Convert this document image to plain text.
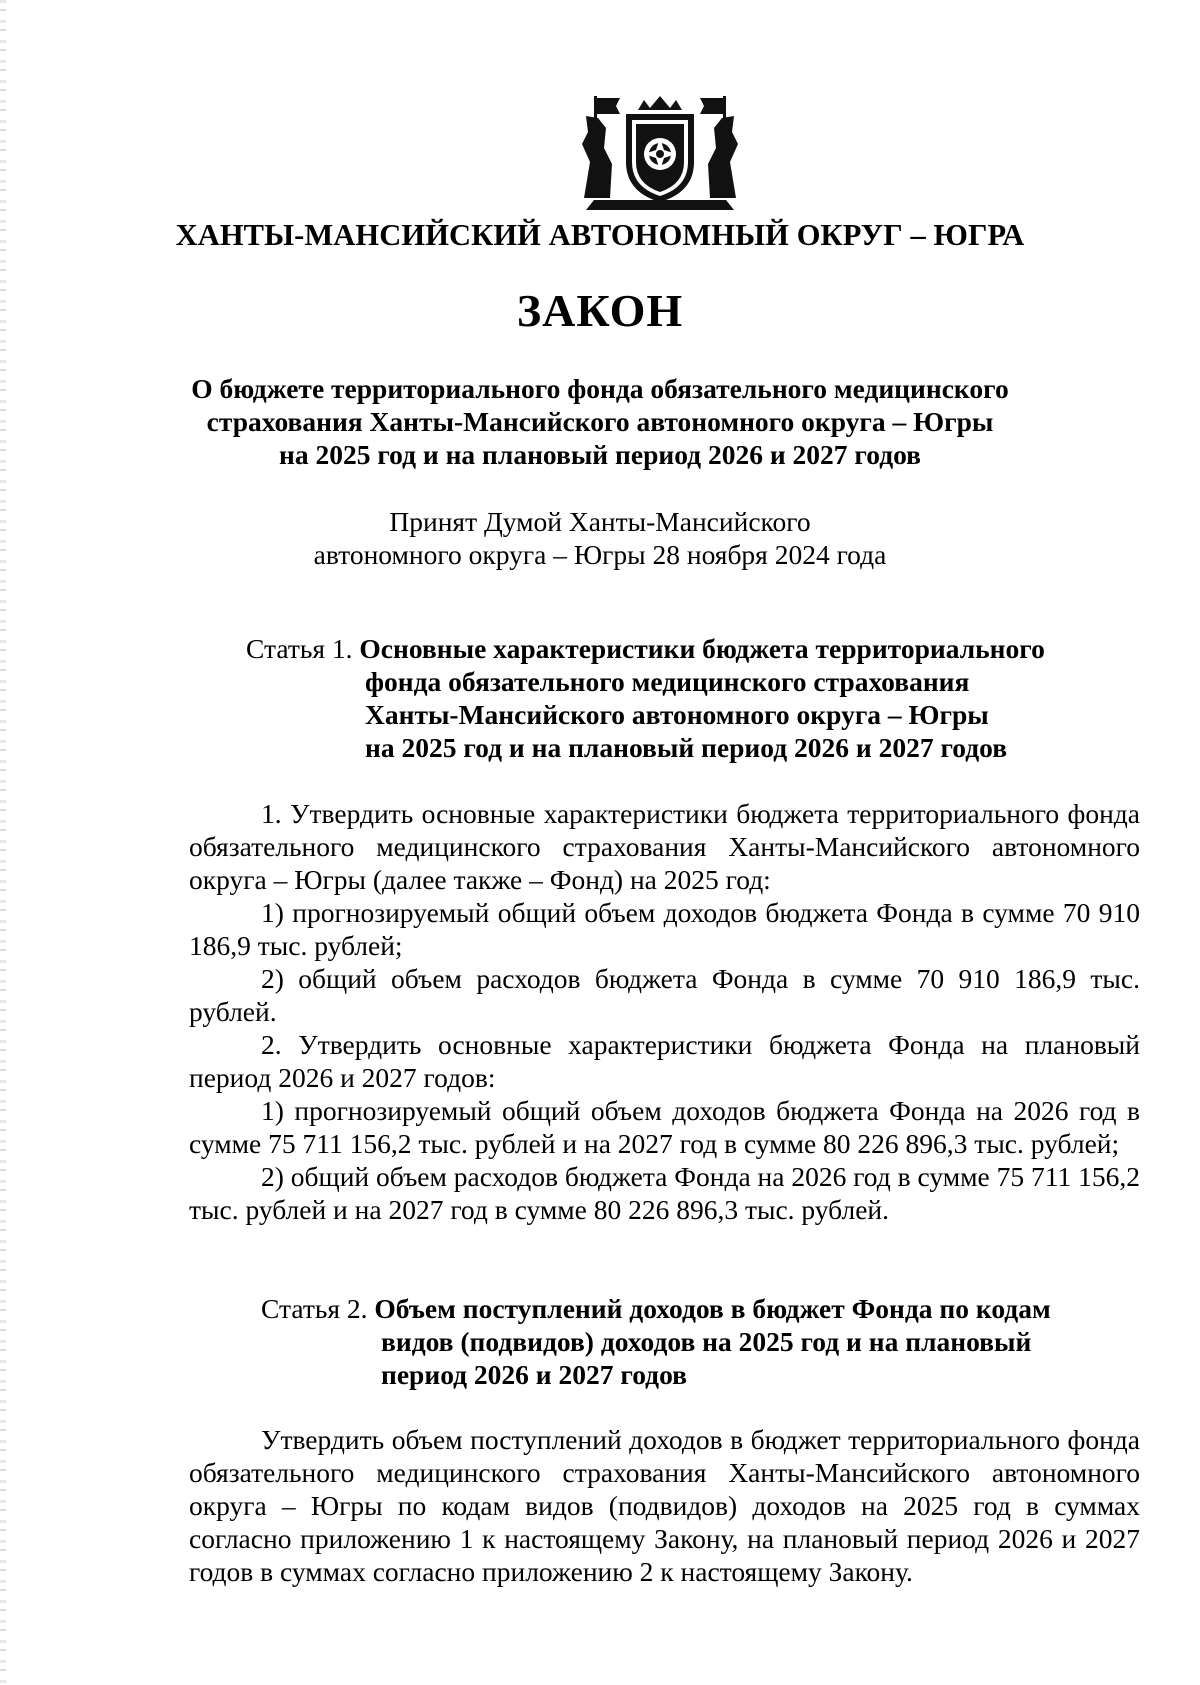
ХАНТЫ-МАНСИЙСКИЙ АВТОНОМНЫЙ ОКРУГ – ЮГРА
ЗАКОН
О бюджете территориального фонда обязательного медицинского
страхования Ханты-Мансийского автономного округа – Югры
на 2025 год и на плановый период 2026 и 2027 годов
Принят Думой Ханты-Мансийского
автономного округа – Югры 28 ноября 2024 года
Статья 1. Основные характеристики бюджета территориального
фонда обязательного медицинского страхования
Ханты-Мансийского автономного округа – Югры
на 2025 год и на плановый период 2026 и 2027 годов

1. Утвердить основные характеристики бюджета территориального фонда обязательного медицинского страхования Ханты-Мансийского автономного округа – Югры (далее также – Фонд) на 2025 год:

1) прогнозируемый общий объем доходов бюджета Фонда в сумме 70 910 186,9 тыс. рублей;

2) общий объем расходов бюджета Фонда в сумме 70 910 186,9 тыс. рублей.

2. Утвердить основные характеристики бюджета Фонда на плановый период 2026 и 2027 годов:

1) прогнозируемый общий объем доходов бюджета Фонда на 2026 год в сумме 75 711 156,2 тыс. рублей и на 2027 год в сумме 80 226 896,3 тыс. рублей;

2) общий объем расходов бюджета Фонда на 2026 год в сумме 75 711 156,2 тыс. рублей и на 2027 год в сумме 80 226 896,3 тыс. рублей.

Статья 2. Объем поступлений доходов в бюджет Фонда по кодам
видов (подвидов) доходов на 2025 год и на плановый
период 2026 и 2027 годов

Утвердить объем поступлений доходов в бюджет территориального фонда обязательного медицинского страхования Ханты-Мансийского автономного округа – Югры по кодам видов (подвидов) доходов на 2025 год в суммах согласно приложению 1 к настоящему Закону, на плановый период 2026 и 2027 годов в суммах согласно приложению 2 к настоящему Закону.
